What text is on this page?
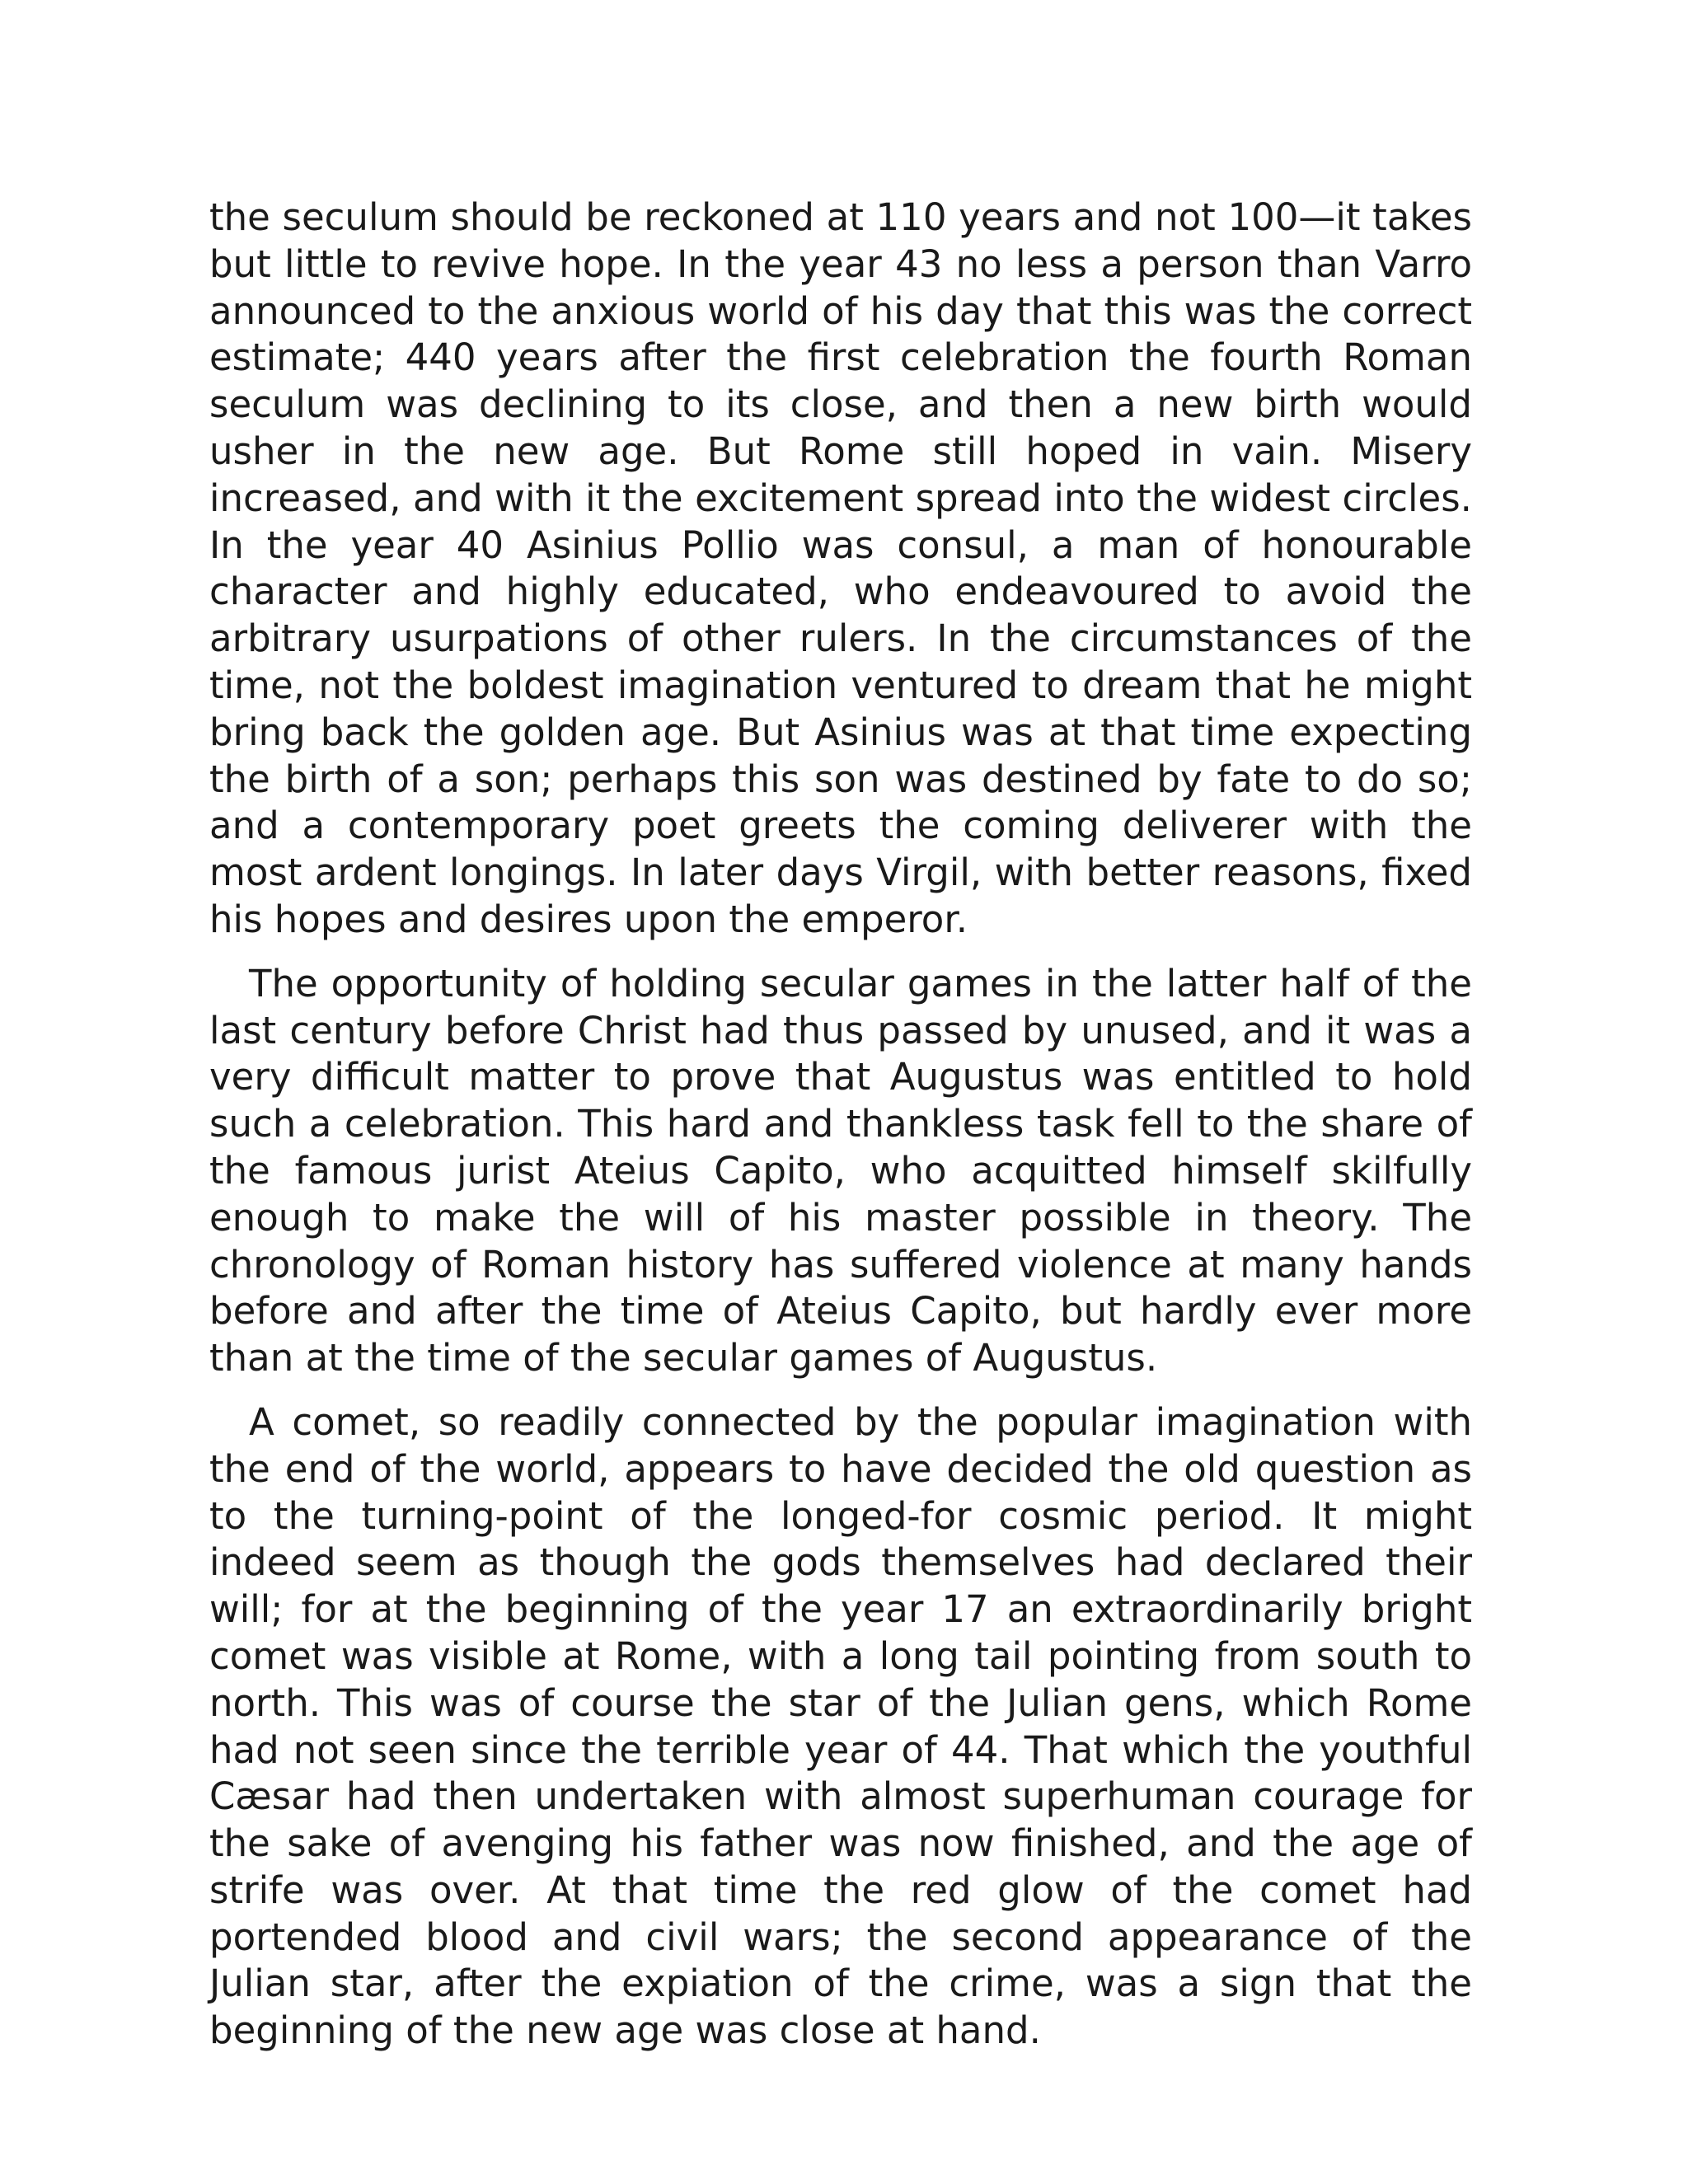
the seculum should be reckoned at 110 years and not 100—it takes but little to revive hope. In the year 43 no less a person than Varro announced to the anxious world of his day that this was the correct estimate; 440 years after the first celebration the fourth Roman seculum was declining to its close, and then a new birth would usher in the new age. But Rome still hoped in vain. Misery increased, and with it the excitement spread into the widest circles. In the year 40 Asinius Pollio was consul, a man of honourable character and highly educated, who endeavoured to avoid the arbitrary usurpations of other rulers. In the circumstances of the time, not the boldest imagination ventured to dream that he might bring back the golden age. But Asinius was at that time expecting the birth of a son; perhaps this son was destined by fate to do so; and a contemporary poet greets the coming deliverer with the most ardent longings. In later days Virgil, with better reasons, fixed his hopes and desires upon the emperor.

The opportunity of holding secular games in the latter half of the last century before Christ had thus passed by unused, and it was a very difficult matter to prove that Augustus was entitled to hold such a celebration. This hard and thankless task fell to the share of the famous jurist Ateius Capito, who acquitted himself skilfully enough to make the will of his master possible in theory. The chronology of Roman history has suffered violence at many hands before and after the time of Ateius Capito, but hardly ever more than at the time of the secular games of Augustus.

A comet, so readily connected by the popular imagination with the end of the world, appears to have decided the old question as to the turning-point of the longed-for cosmic period. It might indeed seem as though the gods themselves had declared their will; for at the beginning of the year 17 an extraordinarily bright comet was visible at Rome, with a long tail pointing from south to north. This was of course the star of the Julian gens, which Rome had not seen since the terrible year of 44. That which the youthful Cæsar had then undertaken with almost superhuman courage for the sake of avenging his father was now finished, and the age of strife was over. At that time the red glow of the comet had portended blood and civil wars; the second appearance of the Julian star, after the expiation of the crime, was a sign that the beginning of the new age was close at hand.
